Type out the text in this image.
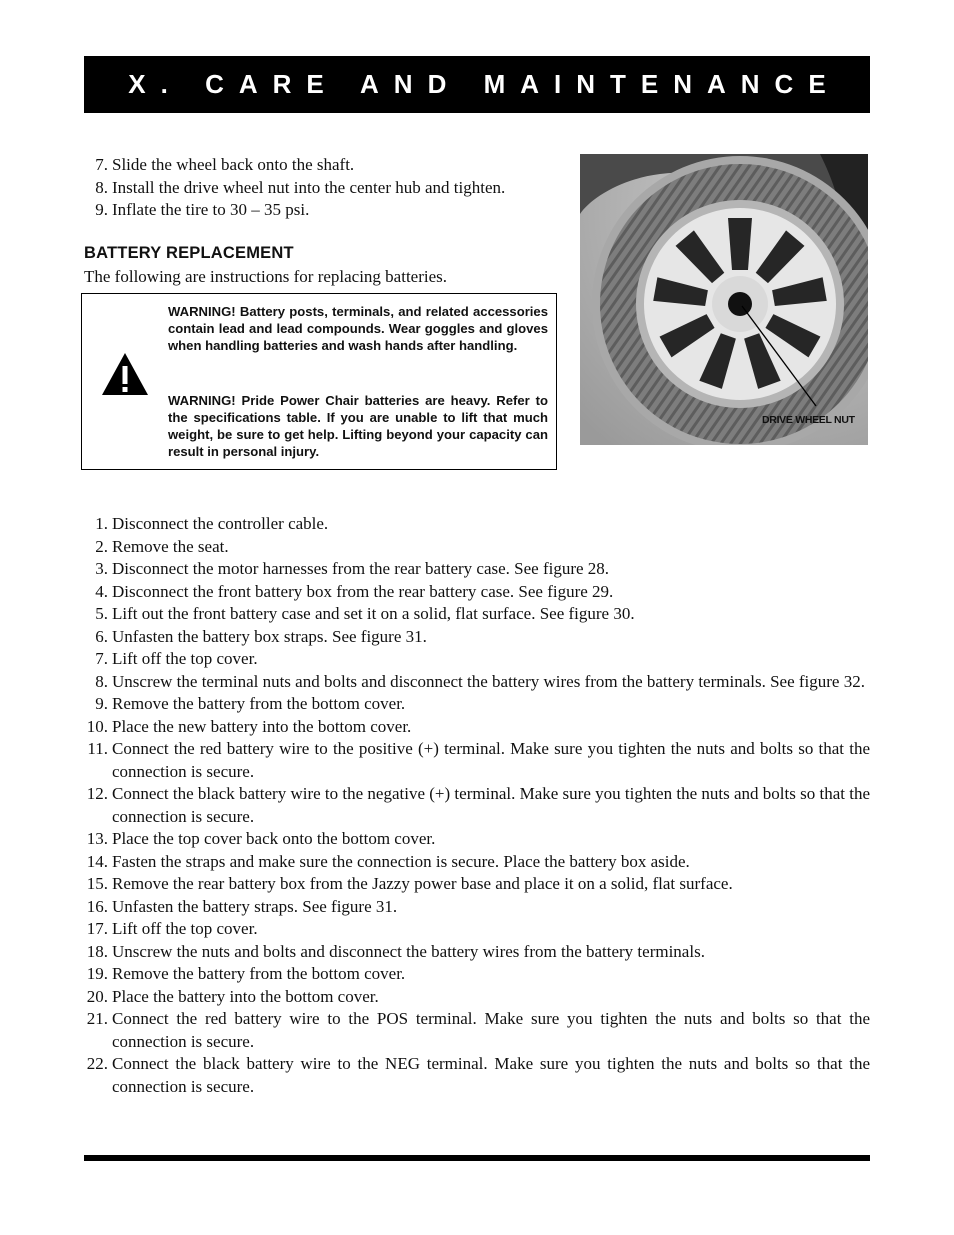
X. CARE AND MAINTENANCE
7. Slide the wheel back onto the shaft.
8. Install the drive wheel nut into the center hub and tighten.
9. Inflate the tire to 30 – 35 psi.
BATTERY REPLACEMENT

The following are instructions for replacing batteries.

WARNING! Battery posts, terminals, and related accessories contain lead and lead compounds. Wear goggles and gloves when handling batteries and wash hands after handling.

WARNING! Pride Power Chair batteries are heavy. Refer to the specifications table. If you are unable to lift that much weight, be sure to get help. Lifting beyond your capacity can result in personal injury.

DRIVE WHEEL NUT
1. Disconnect the controller cable.
2. Remove the seat.
3. Disconnect the motor harnesses from the rear battery case. See figure 28.
4. Disconnect the front battery box from the rear battery case. See figure 29.
5. Lift out the front battery case and set it on a solid, flat surface. See figure 30.
6. Unfasten the battery box straps. See figure 31.
7. Lift off the top cover.
8. Unscrew the terminal nuts and bolts and disconnect the battery wires from the battery terminals. See figure 32.
9. Remove the battery from the bottom cover.
10. Place the new battery into the bottom cover.
11. Connect the red battery wire to the positive (+) terminal. Make sure you tighten the nuts and bolts so that the connection is secure.
12. Connect the black battery wire to the negative (+) terminal. Make sure you tighten the nuts and bolts so that the connection is secure.
13. Place the top cover back onto the bottom cover.
14. Fasten the straps and make sure the connection is secure. Place the battery box aside.
15. Remove the rear battery box from the Jazzy power base and place it on a solid, flat surface.
16. Unfasten the battery straps. See figure 31.
17. Lift off the top cover.
18. Unscrew the nuts and bolts and disconnect the battery wires from the battery terminals.
19. Remove the battery from the bottom cover.
20. Place the battery into the bottom cover.
21. Connect the red battery wire to the POS terminal. Make sure you tighten the nuts and bolts so that the connection is secure.
22. Connect the black battery wire to the NEG terminal. Make sure you tighten the nuts and bolts so that the connection is secure.
